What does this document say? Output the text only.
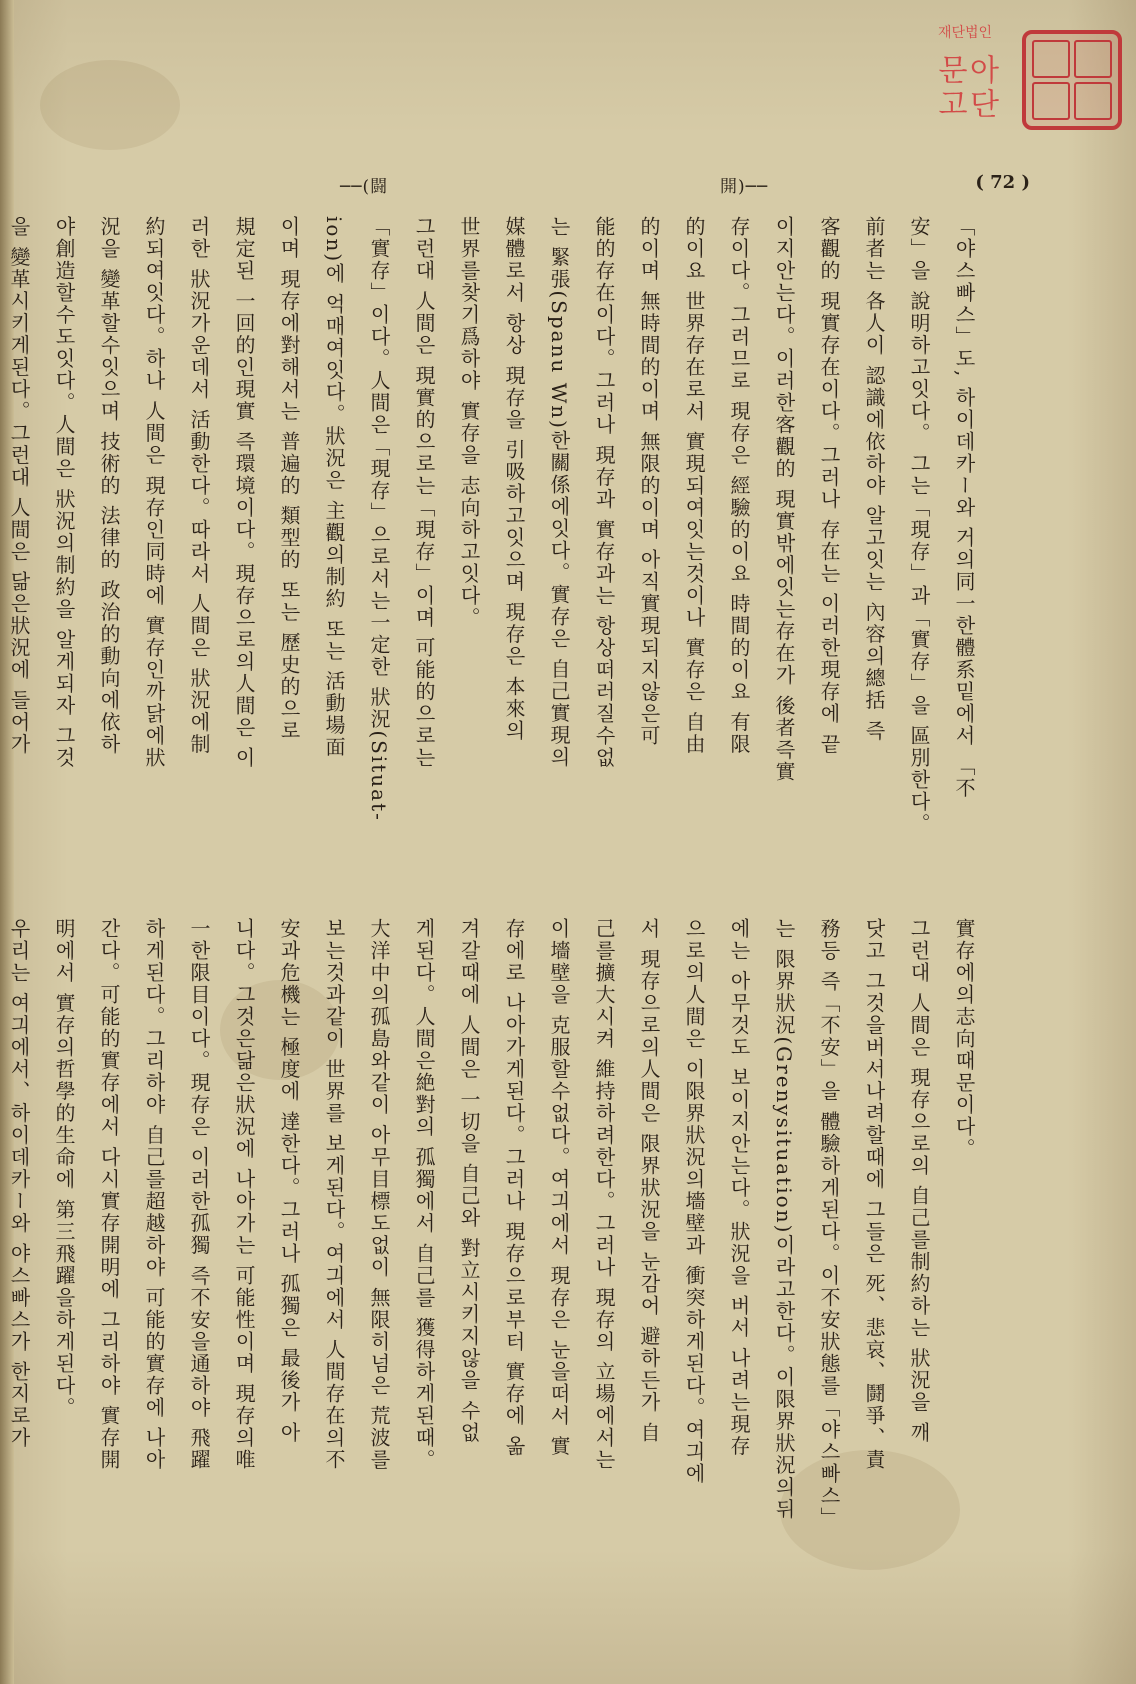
재단법인
아단문고
──(闘	開)──	( 72 )
「야스빠스」도, 하이데카ー와 거의同一한體系밑에서 「不
安」을 說明하고잇다。 그는「現存」과「實存」을 區別한다。
前者는 各人이 認識에依하야 알고잇는 內容의總括 즉
客觀的 現實存在이다。그러나 存在는 이러한現存에 끝
이지안는다。이러한客觀的 現實밖에잇는存在가 後者즉實
存이다。그러므로 現存은 經驗的이요 時間的이요 有限
的이요 世界存在로서 實現되여잇는것이나 實存은 自由
的이며 無時間的이며 無限的이며 아직實現되지않은可
能的存在이다。그러나 現存과 實存과는 항상떠러질수없
는 緊張(Spanu Wn)한關係에잇다。實存은 自己實現의
媒體로서 항상 現存을 引吸하고잇으며 現存은 本來의
世界를찾기爲하야 實存을 志向하고잇다。
그런대 人間은 現實的으로는「現存」이며 可能的으로는
「實存」이다。人間은「現存」으로서는一定한 狀況(Situat-
ion)에 억매여잇다。狀況은 主觀의制約 또는 活動場面
이며 現存에對해서는 普遍的 類型的 또는 歷史的으로
規定된 一回的인現實 즉環境이다。現存으로의人間은 이
러한 狀況가운데서 活動한다。따라서 人間은 狀況에制
約되여잇다。하나 人間은 現存인同時에 實存인까닭에狀
況을 變革할수잇으며 技術的 法律的 政治的動向에依하
야創造할수도잇다。人間은 狀況의制約을 알게되자 그것
을 變革시키게된다。그런대 人間은 닮은狀況에 들어가
實存에의志向때문이다。
그런대 人間은 現存으로의 自己를制約하는 狀況을 깨
닷고 그것을버서나려할때에 그들은 死、悲哀、鬪爭、責
務등 즉「不安」을 體驗하게된다。이不安狀態를「야스빠스」
는 限界狀況(Grenysituation)이라고한다。이限界狀況의뒤
에는 아무것도 보이지안는다。狀況을 버서 나려는現存
으로의人間은 이限界狀況의墻壁과 衝突하게된다。여긔에
서 現存으로의人間은 限界狀況을 눈감어 避하든가 自
己를擴大시켜 維持하려한다。그러나 現存의 立場에서는
이墻壁을 克服할수없다。여긔에서 現存은 눈을떠서 實
存에로 나아가게된다。그러나 現存으로부터 實存에 옮
겨갈때에 人間은 一切을 自己와 對立시키지않을 수없
게된다。人間은絶對의 孤獨에서 自己를 獲得하게된때。
大洋中의孤島와같이 아무目標도없이 無限히넘은 荒波를
보는것과같이 世界를 보게된다。여긔에서 人間存在의不
安과危機는 極度에 達한다。그러나 孤獨은 最後가 아
니다。그것은닮은狀況에 나아가는 可能性이며 現存의唯
一한限目이다。現存은 이러한孤獨 즉不安을通하야 飛躍
하게된다。그리하야 自己를超越하야 可能的實存에 나아
간다。可能的實存에서 다시實存開明에 그리하야 實存開
明에서 實存의哲學的生命에 第三飛躍을하게된다。
우리는 여긔에서、하이데카ー와 야스빠스가 한지로가
